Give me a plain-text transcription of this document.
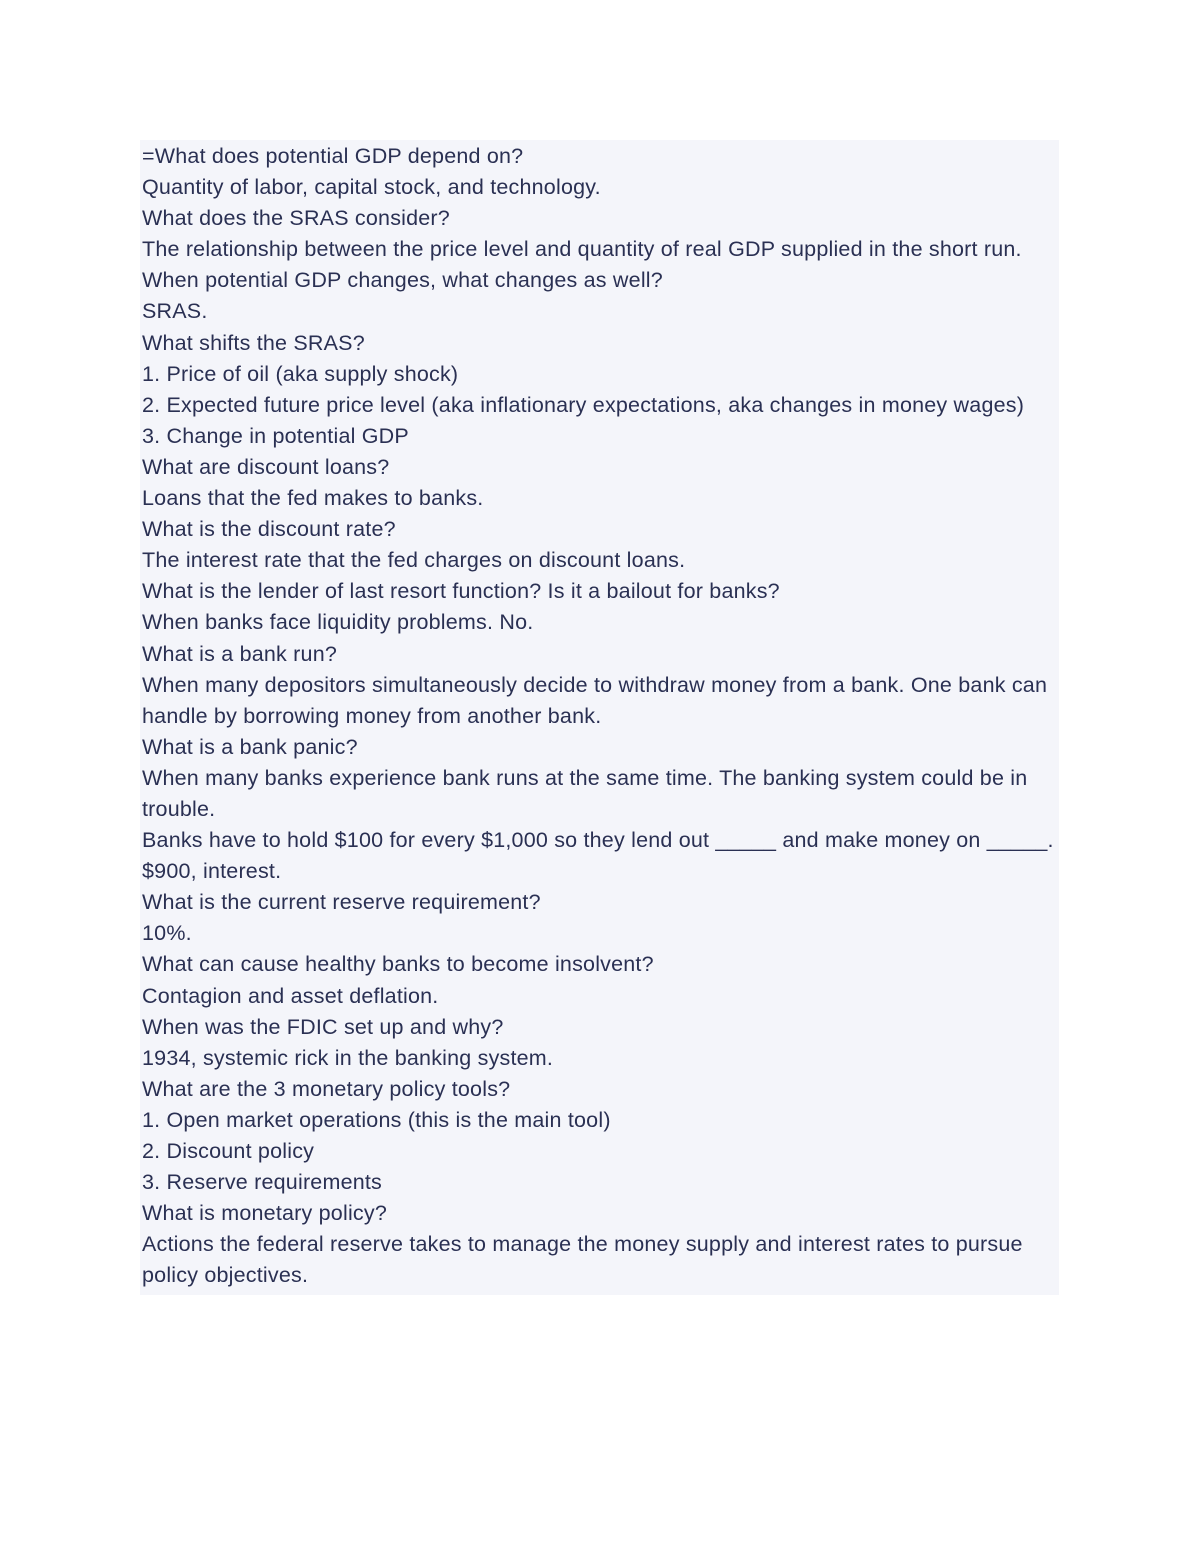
=What does potential GDP depend on?

Quantity of labor, capital stock, and technology.

What does the SRAS consider?

The relationship between the price level and quantity of real GDP supplied in the short run.

When potential GDP changes, what changes as well?

SRAS.

What shifts the SRAS?

1. Price of oil (aka supply shock)

2. Expected future price level (aka inflationary expectations, aka changes in money wages)

3. Change in potential GDP

What are discount loans?

Loans that the fed makes to banks.

What is the discount rate?

The interest rate that the fed charges on discount loans.

What is the lender of last resort function? Is it a bailout for banks?

When banks face liquidity problems. No.

What is a bank run?

When many depositors simultaneously decide to withdraw money from a bank. One bank can handle by borrowing money from another bank.

What is a bank panic?

When many banks experience bank runs at the same time. The banking system could be in trouble.

Banks have to hold $100 for every $1,000 so they lend out _____ and make money on _____.

$900, interest.

What is the current reserve requirement?

10%.

What can cause healthy banks to become insolvent?

Contagion and asset deflation.

When was the FDIC set up and why?

1934, systemic rick in the banking system.

What are the 3 monetary policy tools?

1. Open market operations (this is the main tool)

2. Discount policy

3. Reserve requirements

What is monetary policy?

Actions the federal reserve takes to manage the money supply and interest rates to pursue policy objectives.
